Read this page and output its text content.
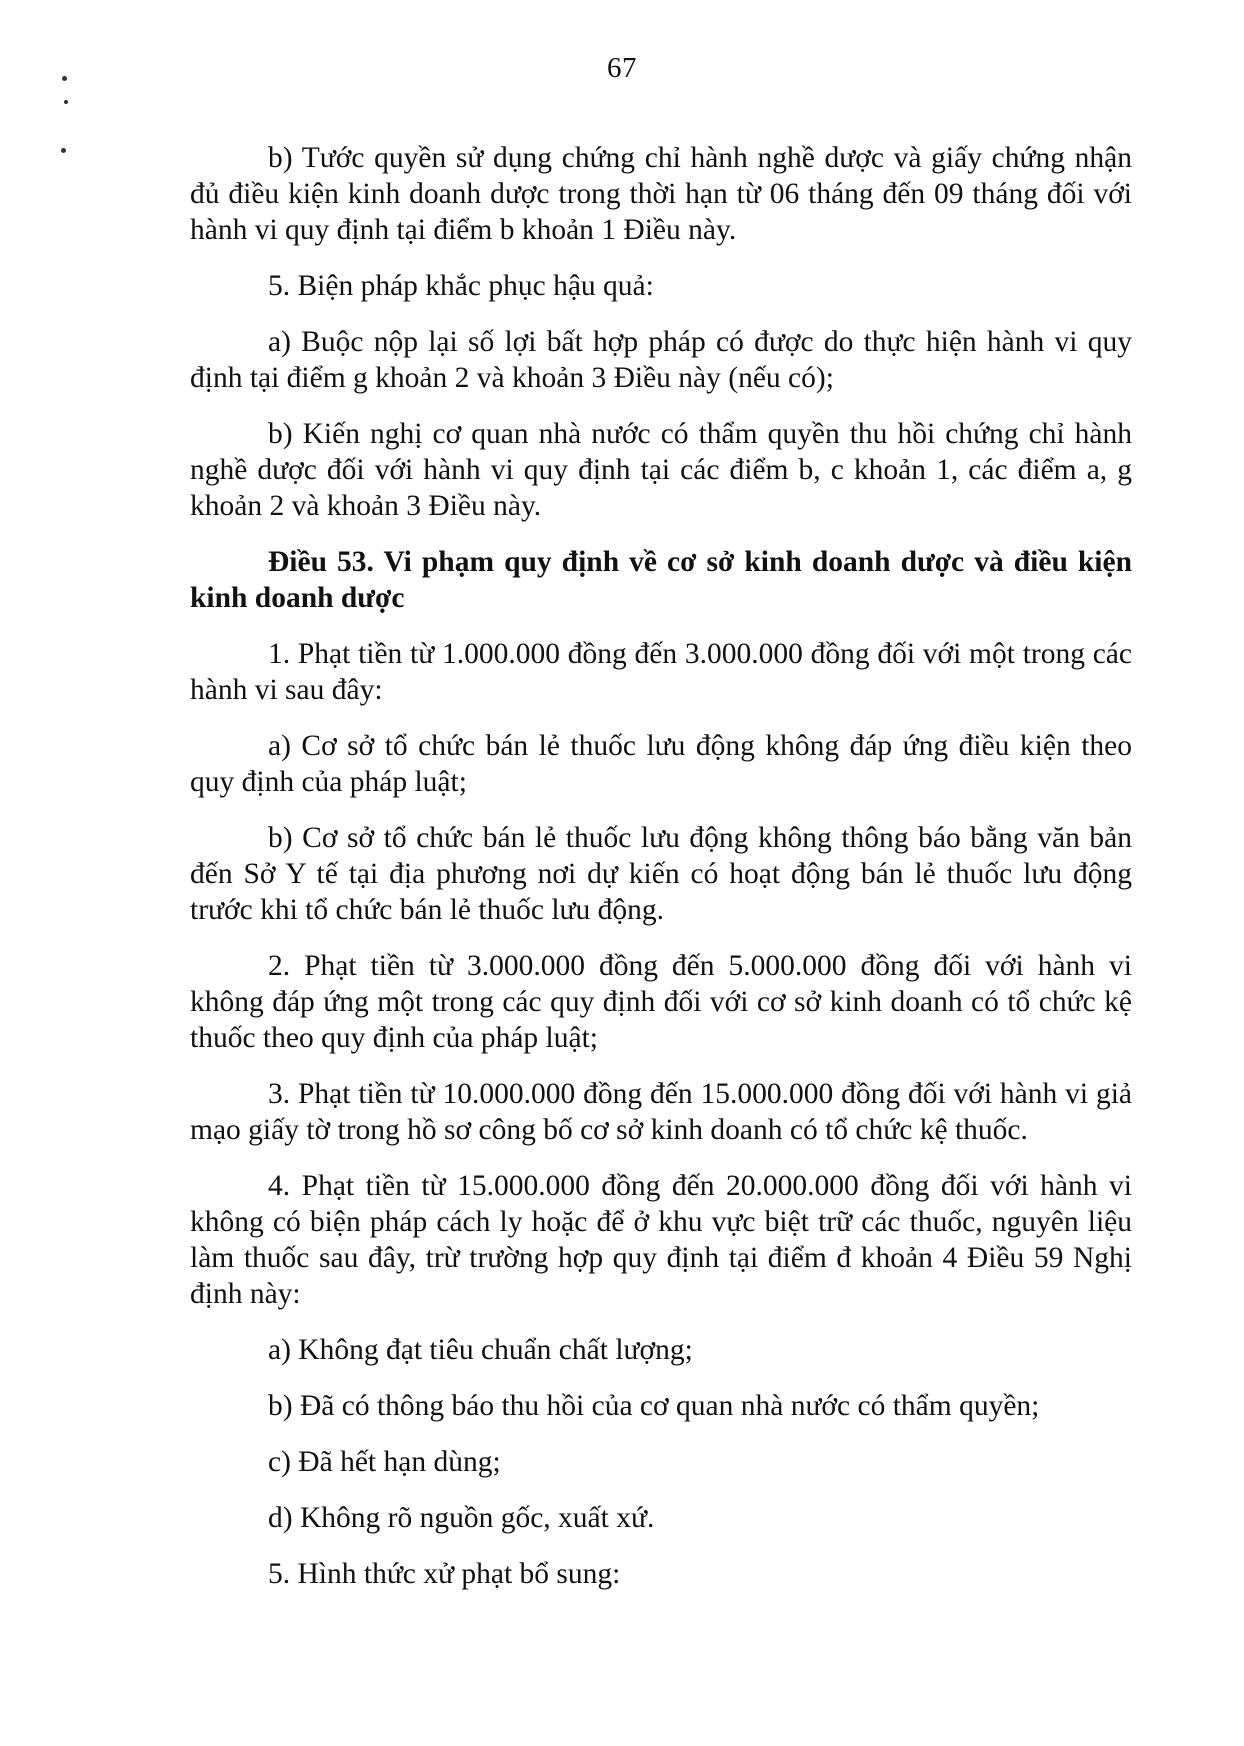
67

b) Tước quyền sử dụng chứng chỉ hành nghề dược và giấy chứng nhận đủ điều kiện kinh doanh dược trong thời hạn từ 06 tháng đến 09 tháng đối với hành vi quy định tại điểm b khoản 1 Điều này.

5. Biện pháp khắc phục hậu quả:

a) Buộc nộp lại số lợi bất hợp pháp có được do thực hiện hành vi quy định tại điểm g khoản 2 và khoản 3 Điều này (nếu có);

b) Kiến nghị cơ quan nhà nước có thẩm quyền thu hồi chứng chỉ hành nghề dược đối với hành vi quy định tại các điểm b, c khoản 1, các điểm a, g khoản 2 và khoản 3 Điều này.

Điều 53. Vi phạm quy định về cơ sở kinh doanh dược và điều kiện kinh doanh dược

1. Phạt tiền từ 1.000.000 đồng đến 3.000.000 đồng đối với một trong các hành vi sau đây:

a) Cơ sở tổ chức bán lẻ thuốc lưu động không đáp ứng điều kiện theo quy định của pháp luật;

b) Cơ sở tổ chức bán lẻ thuốc lưu động không thông báo bằng văn bản đến Sở Y tế tại địa phương nơi dự kiến có hoạt động bán lẻ thuốc lưu động trước khi tổ chức bán lẻ thuốc lưu động.

2. Phạt tiền từ 3.000.000 đồng đến 5.000.000 đồng đối với hành vi không đáp ứng một trong các quy định đối với cơ sở kinh doanh có tổ chức kệ thuốc theo quy định của pháp luật;

3. Phạt tiền từ 10.000.000 đồng đến 15.000.000 đồng đối với hành vi giả mạo giấy tờ trong hồ sơ công bố cơ sở kinh doanh có tổ chức kệ thuốc.

4. Phạt tiền từ 15.000.000 đồng đến 20.000.000 đồng đối với hành vi không có biện pháp cách ly hoặc để ở khu vực biệt trữ các thuốc, nguyên liệu làm thuốc sau đây, trừ trường hợp quy định tại điểm đ khoản 4 Điều 59 Nghị định này:

a) Không đạt tiêu chuẩn chất lượng;

b) Đã có thông báo thu hồi của cơ quan nhà nước có thẩm quyền;

c) Đã hết hạn dùng;

d) Không rõ nguồn gốc, xuất xứ.

5. Hình thức xử phạt bổ sung:
